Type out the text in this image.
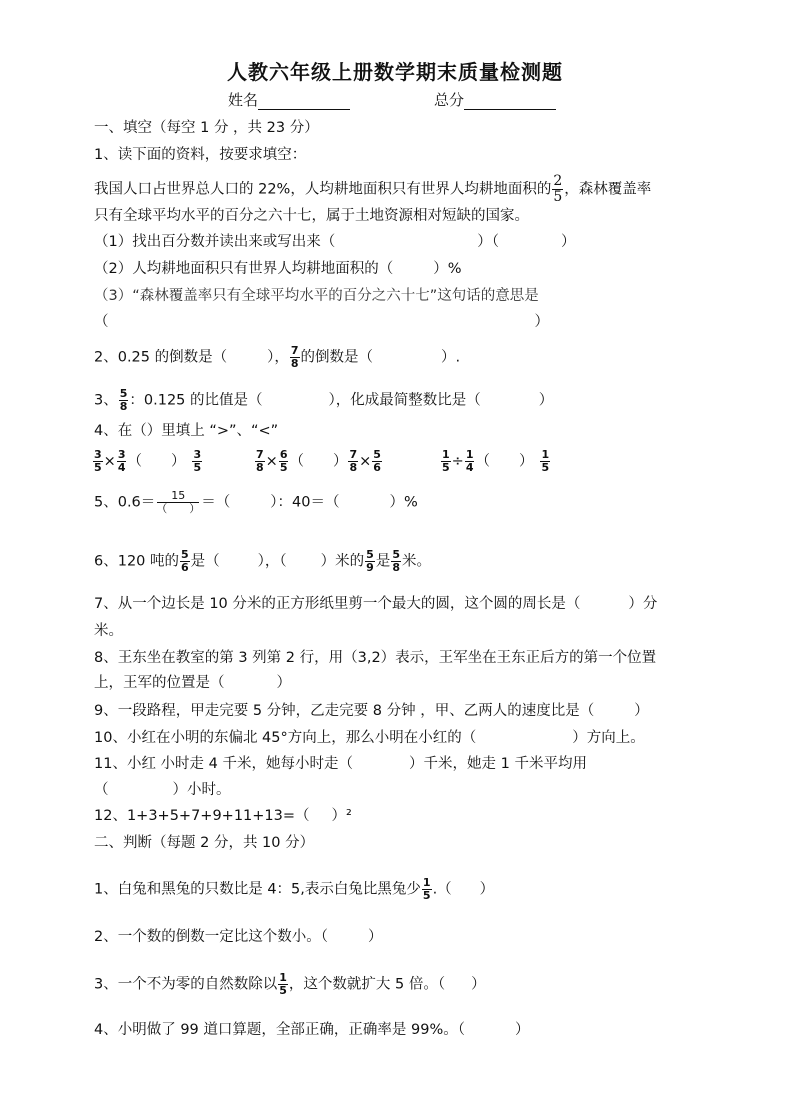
人教六年级上册数学期末质量检测题
姓名	总分
一、填空（每空 1 分 ，共 23 分）
1、读下面的资料，按要求填空：
我国人口占世界总人口的 22%，人均耕地面积只有世界人均耕地面积的 $\frac{2}{5}$ ，森林覆盖率
只有全球平均水平的百分之六十七，属于土地资源相对短缺的国家。
（1）找出百分数并读出来或写出来（	）（	）
（2）人均耕地面积只有世界人均耕地面积的（	）%
（3）“森林覆盖率只有全球平均水平的百分之六十七”这句话的意思是
（	）
2、0.25 的倒数是（	）， $\frac{7}{8}$ 的倒数是（	）.
3、 $\frac{5}{8}$ ：0.125 的比值是（	），化成最简整数比是（	）
4、在（）里填上 “>”、“<”
$\frac{3}{5} \times \frac{3}{4}$ （　　） $\frac{3}{5}$	$\frac{7}{8} \times \frac{6}{5}$ （　　） $\frac{7}{8} \times \frac{5}{6}$	$\frac{1}{5} \div \frac{1}{4}$ （　　） $\frac{1}{5}$
5、$0.6= \frac{15}{( )}$ ＝（	）：40＝（	）%
6、120 吨的 $\frac{5}{6}$ 是（	），（ ）米的 $\frac{5}{9}$ 是 $\frac{5}{8}$ 米。
7、从一个边长是 10 分米的正方形纸里剪一个最大的圆，这个圆的周长是（	）分
米。
8、王东坐在教室的第 3 列第 2 行，用（3,2）表示，王军坐在王东正后方的第一个位置
上，王军的位置是（	）
9、一段路程，甲走完要 5 分钟，乙走完要 8 分钟 ，甲、乙两人的速度比是（	）
10、小红在小明的东偏北 45°方向上，那么小明在小红的（	）方向上。
11、小红 小时走 4 千米，她每小时走（	）千米，她走 1 千米平均用
（	）小时。
12、1+3+5+7+9+11+13=（ ）²
二、判断（每题 2 分，共 10 分）
1、白兔和黑兔的只数比是 4：5,表示白兔比黑兔少 $\frac{1}{5}$ .（ ）
2、一个数的倒数一定比这个数小。（	）
3、一个不为零的自然数除以 $\frac{1}{5}$ ，这个数就扩大 5 倍。（ ）
4、小明做了 99 道口算题，全部正确，正确率是 99%。（	）
